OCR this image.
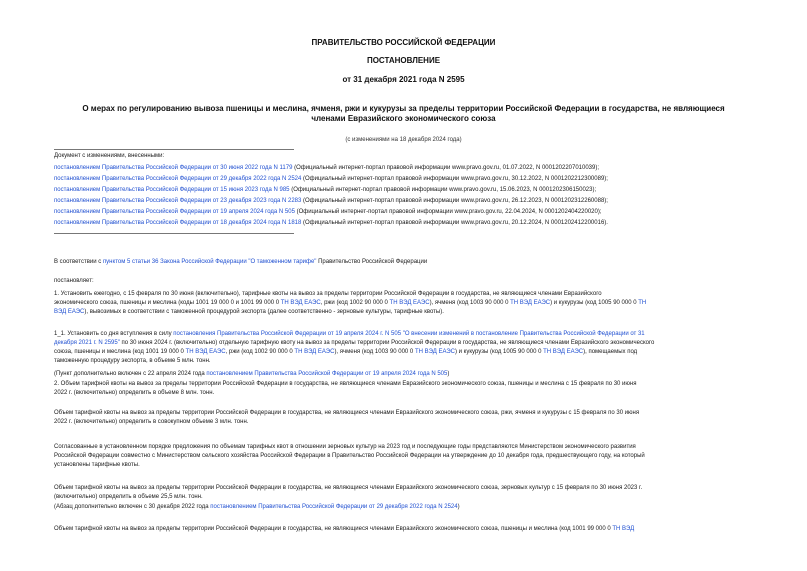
ПРАВИТЕЛЬСТВО РОССИЙСКОЙ ФЕДЕРАЦИИ
ПОСТАНОВЛЕНИЕ
от 31 декабря 2021 года N 2595
О мерах по регулированию вывоза пшеницы и меслина, ячменя, ржи и кукурузы за пределы территории Российской Федерации в государства, не являющиеся
членами Евразийского экономического союза
(с изменениями на 18 декабря 2024 года)
Документ с изменениями, внесенными:
постановлением Правительства Российской Федерации от 30 июня 2022 года N 1179 (Официальный интернет-портал правовой информации www.pravo.gov.ru, 01.07.2022, N 0001202207010039);
постановлением Правительства Российской Федерации от 29 декабря 2022 года N 2524 (Официальный интернет-портал правовой информации www.pravo.gov.ru, 30.12.2022, N 0001202212300089);
постановлением Правительства Российской Федерации от 15 июня 2023 года N 985 (Официальный интернет-портал правовой информации www.pravo.gov.ru, 15.06.2023, N 0001202306150023);
постановлением Правительства Российской Федерации от 23 декабря 2023 года N 2283 (Официальный интернет-портал правовой информации www.pravo.gov.ru, 26.12.2023, N 0001202312260088);
постановлением Правительства Российской Федерации от 19 апреля 2024 года N 505 (Официальный интернет-портал правовой информации www.pravo.gov.ru, 22.04.2024, N 0001202404220020);
постановлением Правительства Российской Федерации от 18 декабря 2024 года N 1818 (Официальный интернет-портал правовой информации www.pravo.gov.ru, 20.12.2024, N 0001202412200016).
В соответствии с пунктом 5 статьи 36 Закона Российской Федерации "О таможенном тарифе" Правительство Российской Федерации
постановляет:
1. Установить ежегодно, с 15 февраля по 30 июня (включительно), тарифные квоты на вывоз за пределы территории Российской Федерации в государства, не являющиеся членами Евразийского
экономического союза, пшеницы и меслина (коды 1001 19 000 0 и 1001 99 000 0 ТН ВЭД ЕАЭС, ржи (код 1002 90 000 0 ТН ВЭД ЕАЭС), ячменя (код 1003 90 000 0 ТН ВЭД ЕАЭС) и кукурузы (код 1005 90 000 0 ТН
ВЭД ЕАЭС), вывозимых в соответствии с таможенной процедурой экспорта (далее соответственно - зерновые культуры, тарифные квоты).
1_1. Установить со дня вступления в силу постановления Правительства Российской Федерации от 19 апреля 2024 г. N 505 "О внесении изменений в постановление Правительства Российской Федерации от 31
декабря 2021 г. N 2595" по 30 июня 2024 г. (включительно) отдельную тарифную квоту на вывоз за пределы территории Российской Федерации в государства, не являющиеся членами Евразийского экономического
союза, пшеницы и меслина (код 1001 19 000 0 ТН ВЭД ЕАЭС, ржи (код 1002 90 000 0 ТН ВЭД ЕАЭС), ячменя (код 1003 90 000 0 ТН ВЭД ЕАЭС) и кукурузы (код 1005 90 000 0 ТН ВЭД ЕАЭС), помещаемых под
таможенную процедуру экспорта, в объеме 5 млн. тонн.
(Пункт дополнительно включен с 22 апреля 2024 года постановлением Правительства Российской Федерации от 19 апреля 2024 года N 505)
2. Объем тарифной квоты на вывоз за пределы территории Российской Федерации в государства, не являющиеся членами Евразийского экономического союза, пшеницы и меслина с 15 февраля по 30 июня
2022 г. (включительно) определить в объеме 8 млн. тонн.
Объем тарифной квоты на вывоз за пределы территории Российской Федерации в государства, не являющиеся членами Евразийского экономического союза, ржи, ячменя и кукурузы с 15 февраля по 30 июня
2022 г. (включительно) определить в совокупном объеме 3 млн. тонн.
Согласованные в установленном порядке предложения по объемам тарифных квот в отношении зерновых культур на 2023 год и последующие годы представляются Министерством экономического развития
Российской Федерации совместно с Министерством сельского хозяйства Российской Федерации в Правительство Российской Федерации на утверждение до 10 декабря года, предшествующего году, на который
установлены тарифные квоты.
Объем тарифной квоты на вывоз за пределы территории Российской Федерации в государства, не являющиеся членами Евразийского экономического союза, зерновых культур с 15 февраля по 30 июня 2023 г.
(включительно) определить в объеме 25,5 млн. тонн.
(Абзац дополнительно включен с 30 декабря 2022 года постановлением Правительства Российской Федерации от 29 декабря 2022 года N 2524)
Объем тарифной квоты на вывоз за пределы территории Российской Федерации в государства, не являющиеся членами Евразийского экономического союза, пшеницы и меслина (код 1001 99 000 0 ТН ВЭД
